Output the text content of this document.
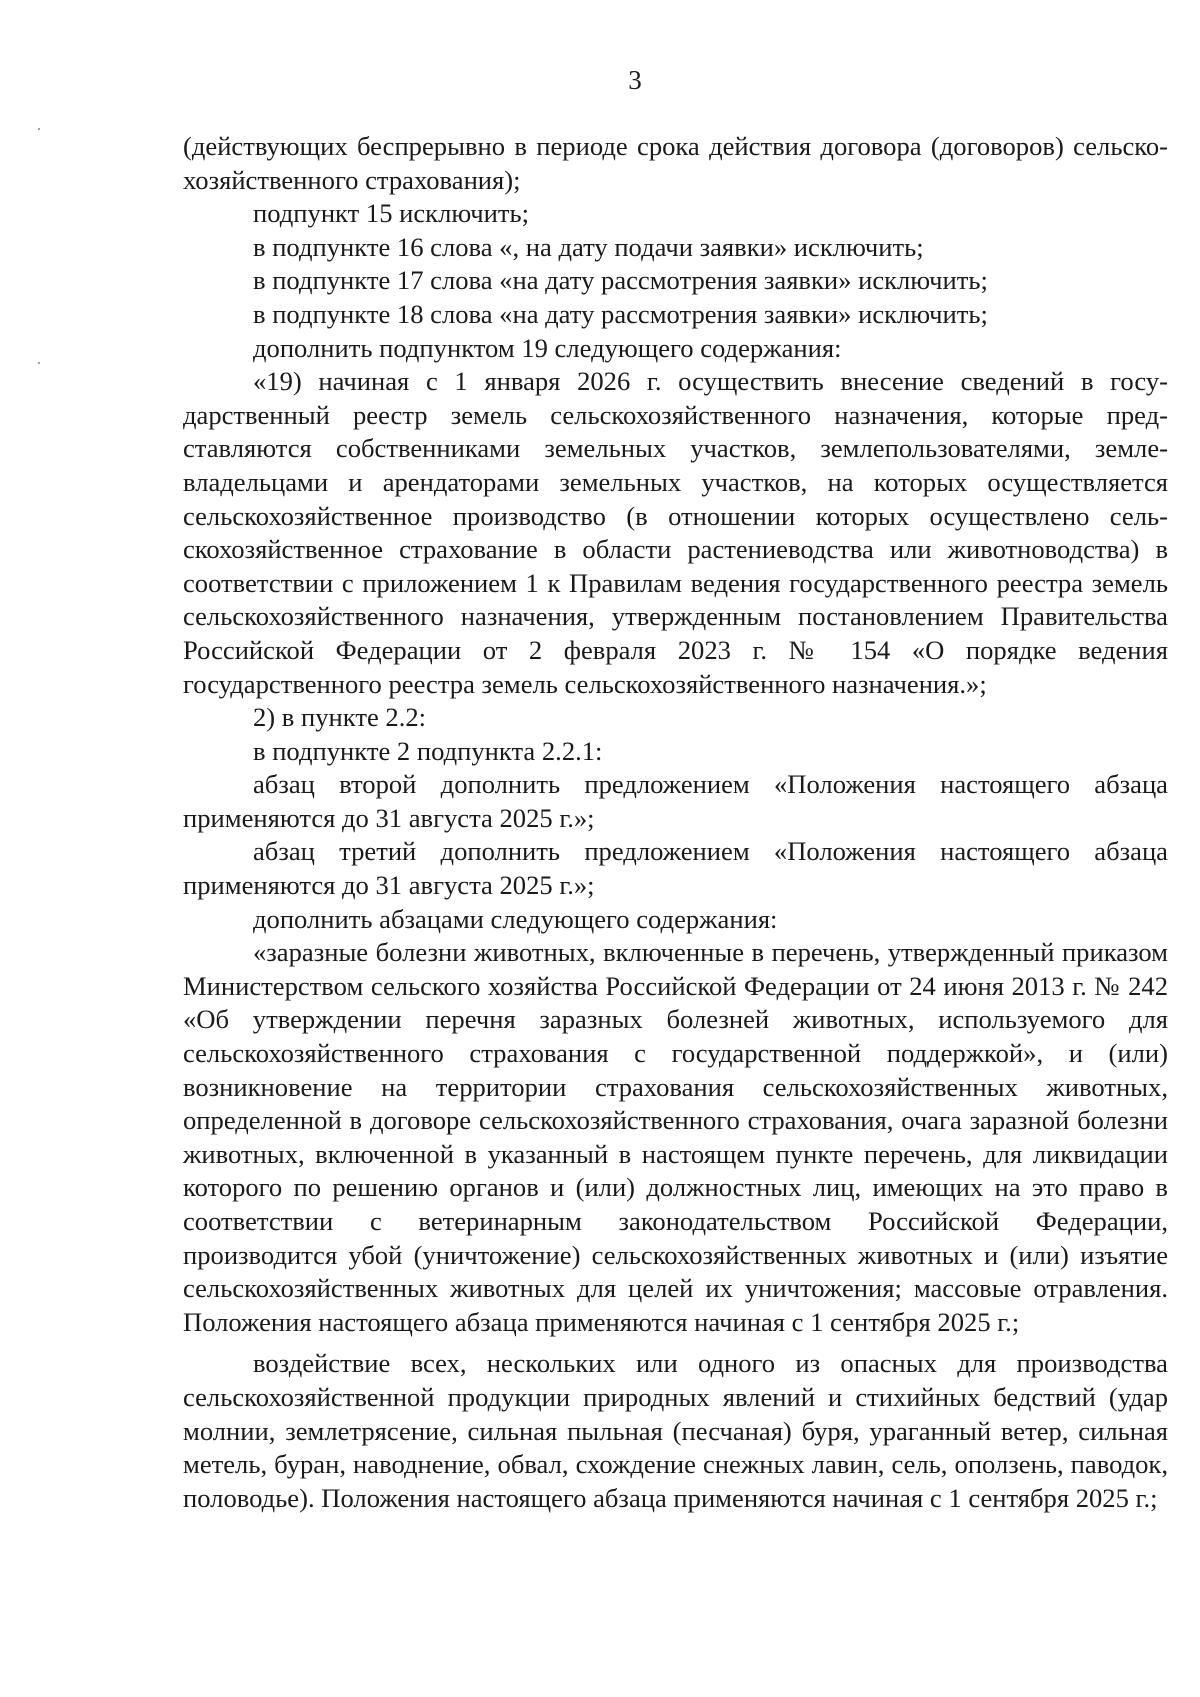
3

(действующих беспрерывно в периоде срока действия договора (договоров) сельско-хозяйственного страхования);

подпункт 15 исключить;

в подпункте 16 слова «, на дату подачи заявки» исключить;

в подпункте 17 слова «на дату рассмотрения заявки» исключить;

в подпункте 18 слова «на дату рассмотрения заявки» исключить;

дополнить подпунктом 19 следующего содержания:

«19) начиная с 1 января 2026 г. осуществить внесение сведений в государственный реестр земель сельскохозяйственного назначения, которые представляются собственниками земельных участков, землепользователями, землевладельцами и арендаторами земельных участков, на которых осуществляется сельскохозяйственное производство (в отношении которых осуществлено сельскохозяйственное страхование в области растениеводства или животноводства) в соответствии с приложением 1 к Правилам ведения государственного реестра земель сельскохозяйственного назначения, утвержденным постановлением Правительства Российской Федерации от 2 февраля 2023 г. № 154 «О порядке ведения государственного реестра земель сельскохозяйственного назначения.»;

2) в пункте 2.2:

в подпункте 2 подпункта 2.2.1:

абзац второй дополнить предложением «Положения настоящего абзаца применяются до 31 августа 2025 г.»;

абзац третий дополнить предложением «Положения настоящего абзаца применяются до 31 августа 2025 г.»;

дополнить абзацами следующего содержания:

«заразные болезни животных, включенные в перечень, утвержденный приказом Министерством сельского хозяйства Российской Федерации от 24 июня 2013 г. № 242 «Об утверждении перечня заразных болезней животных, используемого для сельскохозяйственного страхования с государственной поддержкой», и (или) возникновение на территории страхования сельскохозяйственных животных, определенной в договоре сельскохозяйственного страхования, очага заразной болезни животных, включенной в указанный в настоящем пункте перечень, для ликвидации которого по решению органов и (или) должностных лиц, имеющих на это право в соответствии с ветеринарным законодательством Российской Федерации, производится убой (уничтожение) сельскохозяйственных животных и (или) изъятие сельскохозяйственных животных для целей их уничтожения; массовые отравления. Положения настоящего абзаца применяются начиная с 1 сентября 2025 г.;

воздействие всех, нескольких или одного из опасных для производства сельскохозяйственной продукции природных явлений и стихийных бедствий (удар молнии, землетрясение, сильная пыльная (песчаная) буря, ураганный ветер, сильная метель, буран, наводнение, обвал, схождение снежных лавин, сель, оползень, паводок, половодье). Положения настоящего абзаца применяются начиная с 1 сентября 2025 г.;
